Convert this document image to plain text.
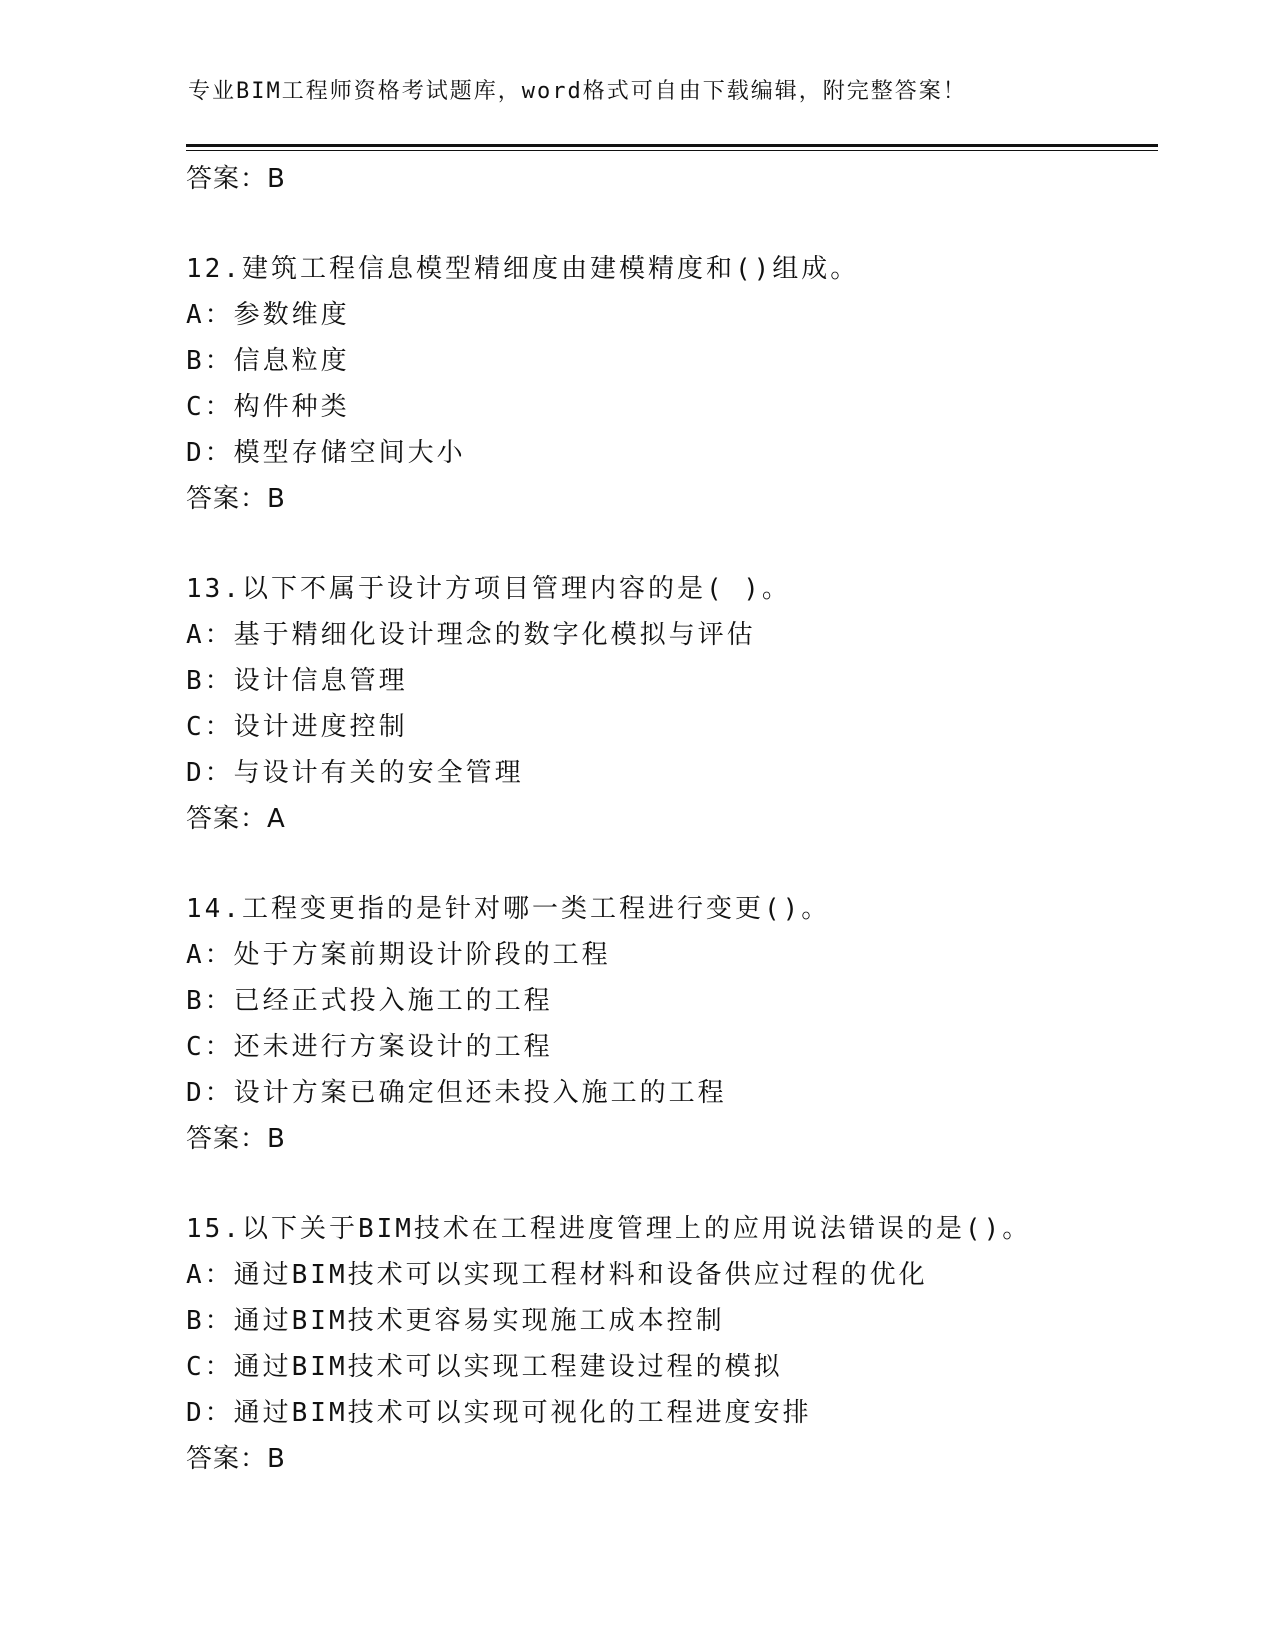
专业BIM工程师资格考试题库，word格式可自由下载编辑，附完整答案！
答案：B
12.建筑工程信息模型精细度由建模精度和()组成。
A：参数维度
B：信息粒度
C：构件种类
D：模型存储空间大小
答案：B
13.以下不属于设计方项目管理内容的是( )。
A：基于精细化设计理念的数字化模拟与评估
B：设计信息管理
C：设计进度控制
D：与设计有关的安全管理
答案：A
14.工程变更指的是针对哪一类工程进行变更()。
A：处于方案前期设计阶段的工程
B：已经正式投入施工的工程
C：还未进行方案设计的工程
D：设计方案已确定但还未投入施工的工程
答案：B
15.以下关于BIM技术在工程进度管理上的应用说法错误的是()。
A：通过BIM技术可以实现工程材料和设备供应过程的优化
B：通过BIM技术更容易实现施工成本控制
C：通过BIM技术可以实现工程建设过程的模拟
D：通过BIM技术可以实现可视化的工程进度安排
答案：B
